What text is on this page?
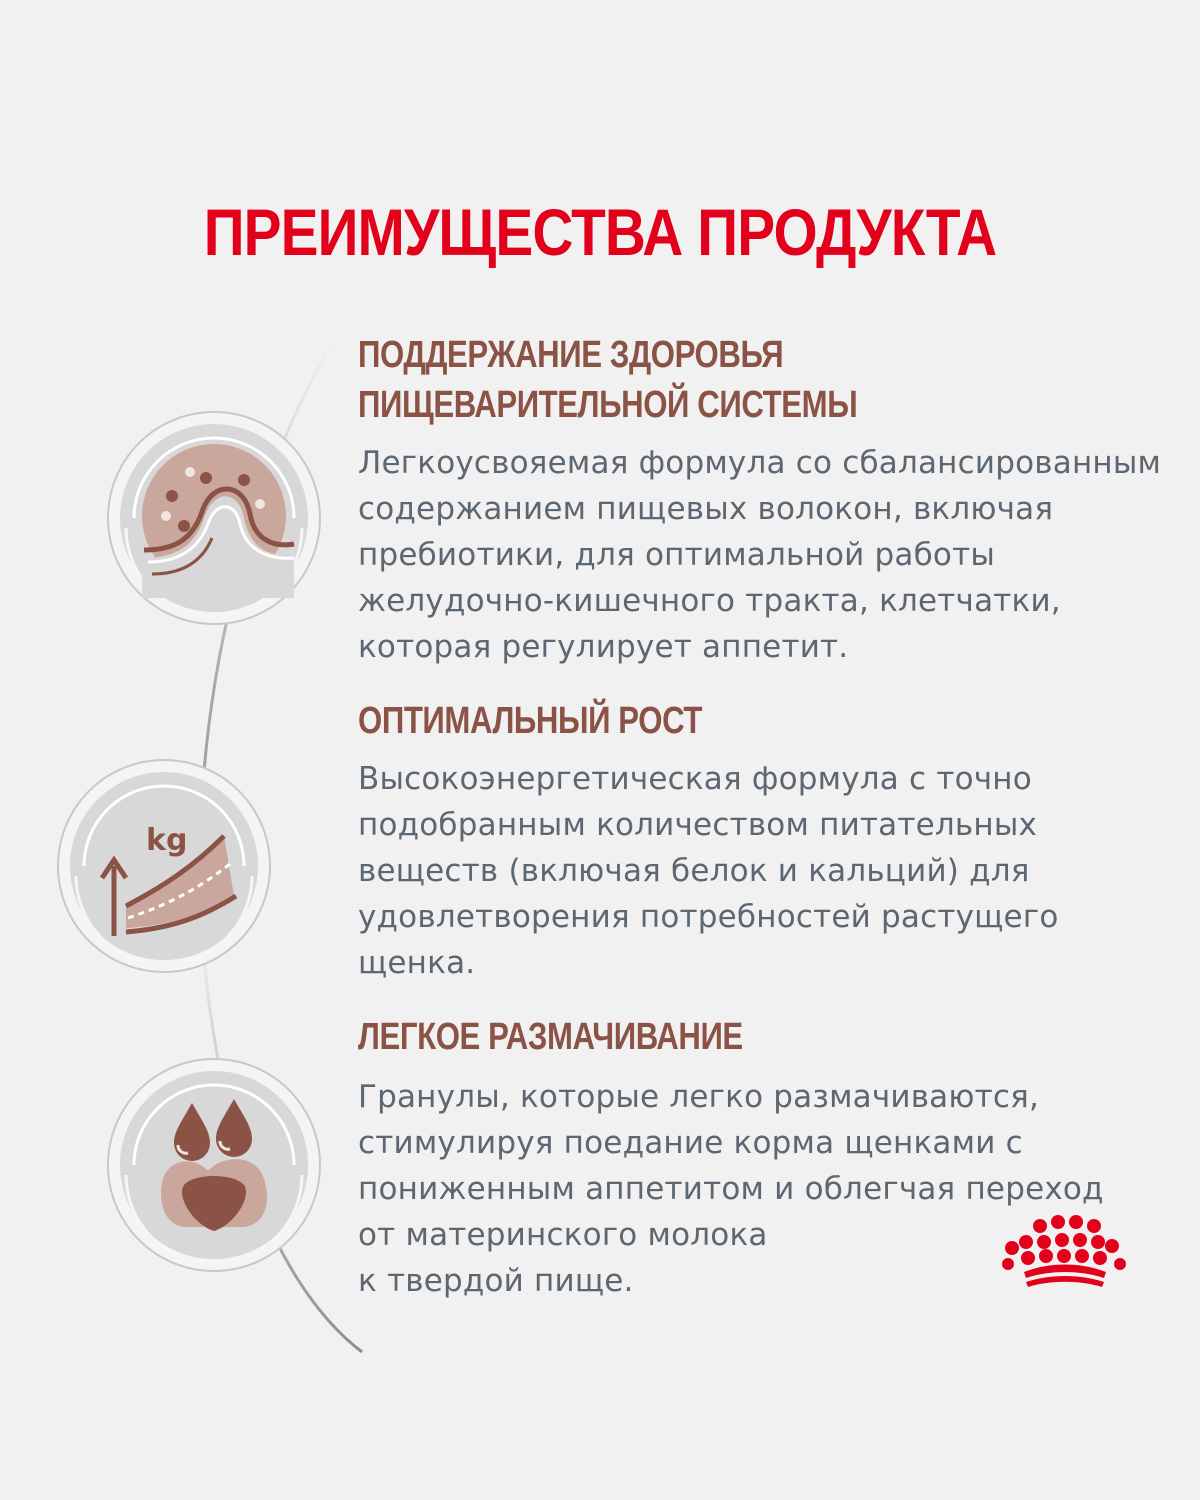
ПРЕИМУЩЕСТВА ПРОДУКТА
ПОДДЕРЖАНИЕ ЗДОРОВЬЯ
ПИЩЕВАРИТЕЛЬНОЙ СИСТЕМЫ

Легкоусвояемая формула со сбалансированным
содержанием пищевых волокон, включая
пребиотики, для оптимальной работы
желудочно-кишечного тракта, клетчатки,
которая регулирует аппетит.

kg
ОПТИМАЛЬНЫЙ РОСТ

Высокоэнергетическая формула с точно
подобранным количеством питательных
веществ (включая белок и кальций) для
удовлетворения потребностей растущего
щенка.

ЛЕГКОЕ РАЗМАЧИВАНИЕ

Гранулы, которые легко размачиваются,
стимулируя поедание корма щенками с
пониженным аппетитом и облегчая переход
от материнского молока
к твердой пище.
